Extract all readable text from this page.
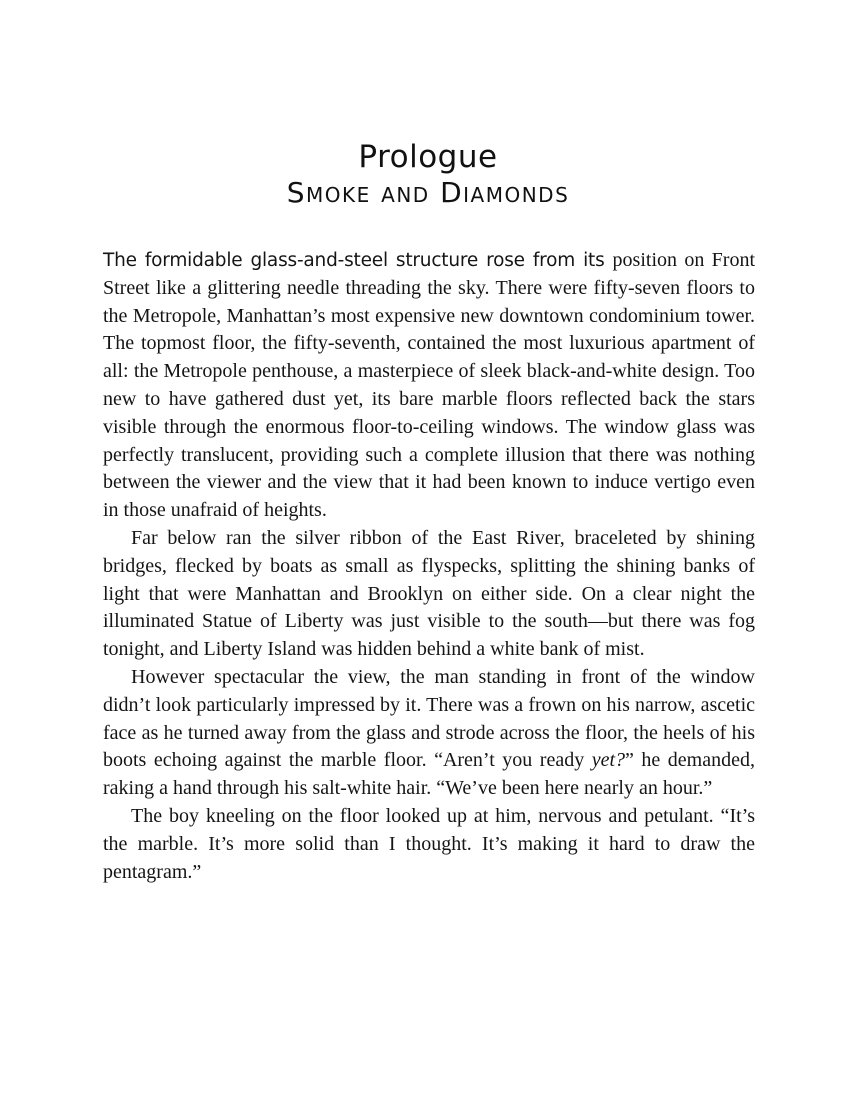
Prologue
Smoke and Diamonds

The formidable glass-and-steel structure rose from its position on Front Street like a glittering needle threading the sky. There were fifty-seven floors to the Metropole, Manhattan’s most expensive new downtown condominium tower. The topmost floor, the fifty-seventh, contained the most luxurious apartment of all: the Metropole penthouse, a masterpiece of sleek black-and-white design. Too new to have gathered dust yet, its bare marble floors reflected back the stars visible through the enormous floor-to-ceiling windows. The window glass was perfectly translucent, providing such a complete illusion that there was nothing between the viewer and the view that it had been known to induce vertigo even in those unafraid of heights.

Far below ran the silver ribbon of the East River, braceleted by shining bridges, flecked by boats as small as flyspecks, splitting the shining banks of light that were Manhattan and Brooklyn on either side. On a clear night the illuminated Statue of Liberty was just visible to the south—but there was fog tonight, and Liberty Island was hidden behind a white bank of mist.

However spectacular the view, the man standing in front of the window didn’t look particularly impressed by it. There was a frown on his narrow, ascetic face as he turned away from the glass and strode across the floor, the heels of his boots echoing against the marble floor. “Aren’t you ready yet?” he demanded, raking a hand through his salt-white hair. “We’ve been here nearly an hour.”

The boy kneeling on the floor looked up at him, nervous and petulant. “It’s the marble. It’s more solid than I thought. It’s making it hard to draw the pentagram.”
